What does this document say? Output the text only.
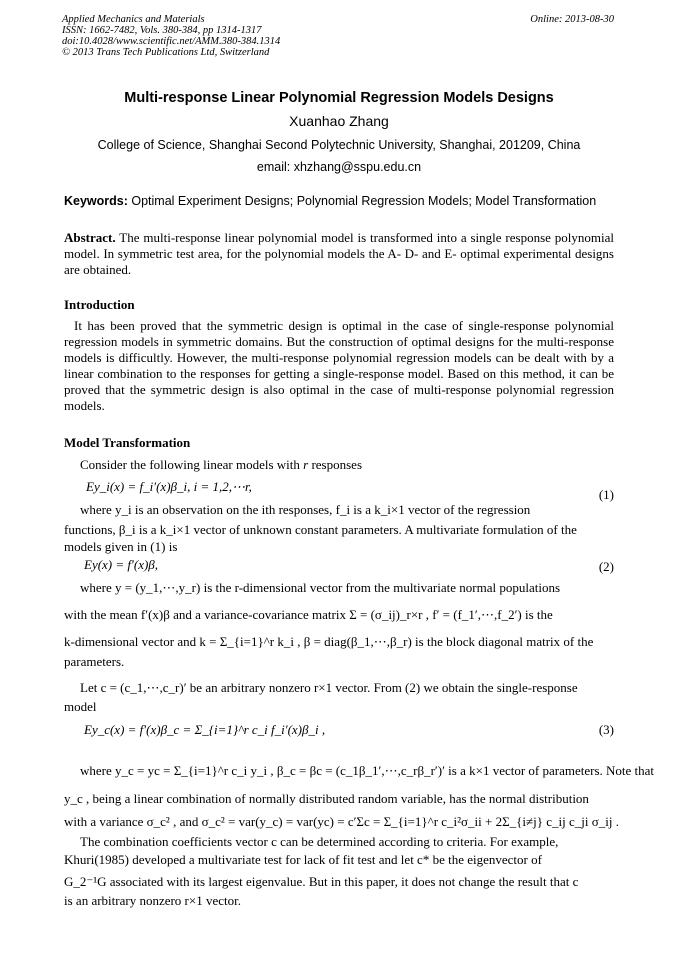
Applied Mechanics and Materials
ISSN: 1662-7482, Vols. 380-384, pp 1314-1317
doi:10.4028/www.scientific.net/AMM.380-384.1314
© 2013 Trans Tech Publications Ltd, Switzerland
Online: 2013-08-30
Multi-response Linear Polynomial Regression Models Designs
Xuanhao Zhang
College of Science, Shanghai Second Polytechnic University, Shanghai, 201209, China
email: xhzhang@sspu.edu.cn
Keywords: Optimal Experiment Designs; Polynomial Regression Models; Model Transformation
Abstract. The multi-response linear polynomial model is transformed into a single response polynomial model. In symmetric test area, for the polynomial models the A- D- and E- optimal experimental designs are obtained.
Introduction
It has been proved that the symmetric design is optimal in the case of single-response polynomial regression models in symmetric domains. But the construction of optimal designs for the multi-response models is difficultly. However, the multi-response polynomial regression models can be dealt with by a linear combination to the responses for getting a single-response model. Based on this method, it can be proved that the symmetric design is also optimal in the case of multi-response polynomial regression models.
Model Transformation
Consider the following linear models with r responses
Ey_i(x) = f_i′(x)β_i, i = 1,2,⋯r,
(1)
where y_i is an observation on the ith responses, f_i is a k_i×1 vector of the regression
functions, β_i is a k_i×1 vector of unknown constant parameters. A multivariate formulation of the
models given in (1) is
Ey(x) = f′(x)β,	(2)
where y = (y_1,⋯,y_r) is the r-dimensional vector from the multivariate normal populations
with the mean f′(x)β and a variance-covariance matrix Σ = (σ_ij)_r×r , f′ = (f_1′,⋯,f_2′) is the
k-dimensional vector and k = Σ_{i=1}^r k_i , β = diag(β_1,⋯,β_r) is the block diagonal matrix of the
parameters.
Let c = (c_1,⋯,c_r)′ be an arbitrary nonzero r×1 vector. From (2) we obtain the single-response
model
Ey_c(x) = f′(x)β_c = Σ_{i=1}^r c_i f_i′(x)β_i ,	(3)
where y_c = yc = Σ_{i=1}^r c_i y_i , β_c = βc = (c_1β_1′,⋯,c_rβ_r′)′ is a k×1 vector of parameters. Note that
y_c , being a linear combination of normally distributed random variable, has the normal distribution
with a variance σ_c² , and σ_c² = var(y_c) = var(yc) = c′Σc = Σ_{i=1}^r c_i²σ_ii + 2Σ_{i≠j} c_ij c_ji σ_ij .
The combination coefficients vector c can be determined according to criteria. For example,
Khuri(1985) developed a multivariate test for lack of fit test and let c* be the eigenvector of
G_2⁻¹G associated with its largest eigenvalue. But in this paper, it does not change the result that c
is an arbitrary nonzero r×1 vector.
